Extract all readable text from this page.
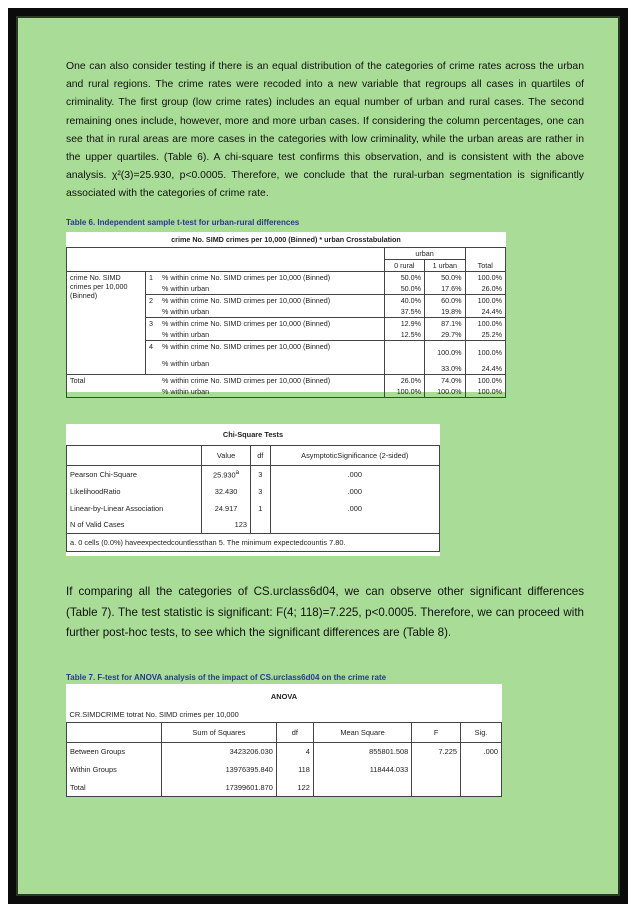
One can also consider testing if there is an equal distribution of the categories of crime rates across the urban and rural regions. The crime rates were recoded into a new variable that regroups all cases in quartiles of criminality. The first group (low crime rates) includes an equal number of urban and rural cases. The second remaining ones include, however, more and more urban cases. If considering the column percentages, one can see that in rural areas are more cases in the categories with low criminality, while the urban areas are rather in the upper quartiles. (Table 6). A chi-square test confirms this observation, and is consistent with the above analysis. χ²(3)=25.930, p<0.0005. Therefore, we conclude that the rural-urban segmentation is significantly associated with the categories of crime rate.

Table 6. Independent sample t-test for urban-rural differences

crime No. SIMD crimes per 10,000 (Binned) * urban Crosstabulation					
			urban		
			0 rural	1 urban	Total
crime No. SIMD crimes per 10,000 (Binned)	1	% within crime No. SIMD crimes per 10,000 (Binned)	50.0%	50.0%	100.0%
		% within urban	50.0%	17.6%	26.0%
	2	% within crime No. SIMD crimes per 10,000 (Binned)	40.0%	60.0%	100.0%
		% within urban	37.5%	19.8%	24.4%
	3	% within crime No. SIMD crimes per 10,000 (Binned)	12.9%	87.1%	100.0%
		% within urban	12.5%	29.7%	25.2%
	4	% within crime No. SIMD crimes per 10,000 (Binned)		100.0%	100.0%
		% within urban		33.0%	24.4%
Total		% within crime No. SIMD crimes per 10,000 (Binned)	26.0%	74.0%	100.0%
		% within urban	100.0%	100.0%	100.0%
Chi-Square Tests			
	Value	df	AsymptoticSignificance (2-sided)
Pearson Chi-Square	25.930$^a$	3	.000
LikelihoodRatio	32.430	3	.000
Linear-by-Linear Association	24.917	1	.000
N of Valid Cases	123		
a. 0 cells (0.0%) haveexpectedcountlessthan 5. The minimum expectedcountis 7.80.			

If comparing all the categories of CS.urclass6d04, we can observe other significant differences (Table 7). The test statistic is significant: F(4; 118)=7.225, p<0.0005. Therefore, we can proceed with further post-hoc tests, to see which the significant differences are (Table 8).

Table 7. F-test for ANOVA analysis of the impact of CS.urclass6d04 on the crime rate

ANOVA					
CR.SIMDCRIME totrat No. SIMD crimes per 10,000					
	Sum of Squares	df	Mean Square	F	Sig.
Between Groups	3423206.030	4	855801.508	7.225	.000
Within Groups	13976395.840	118	118444.033		
Total	17399601.870	122			
